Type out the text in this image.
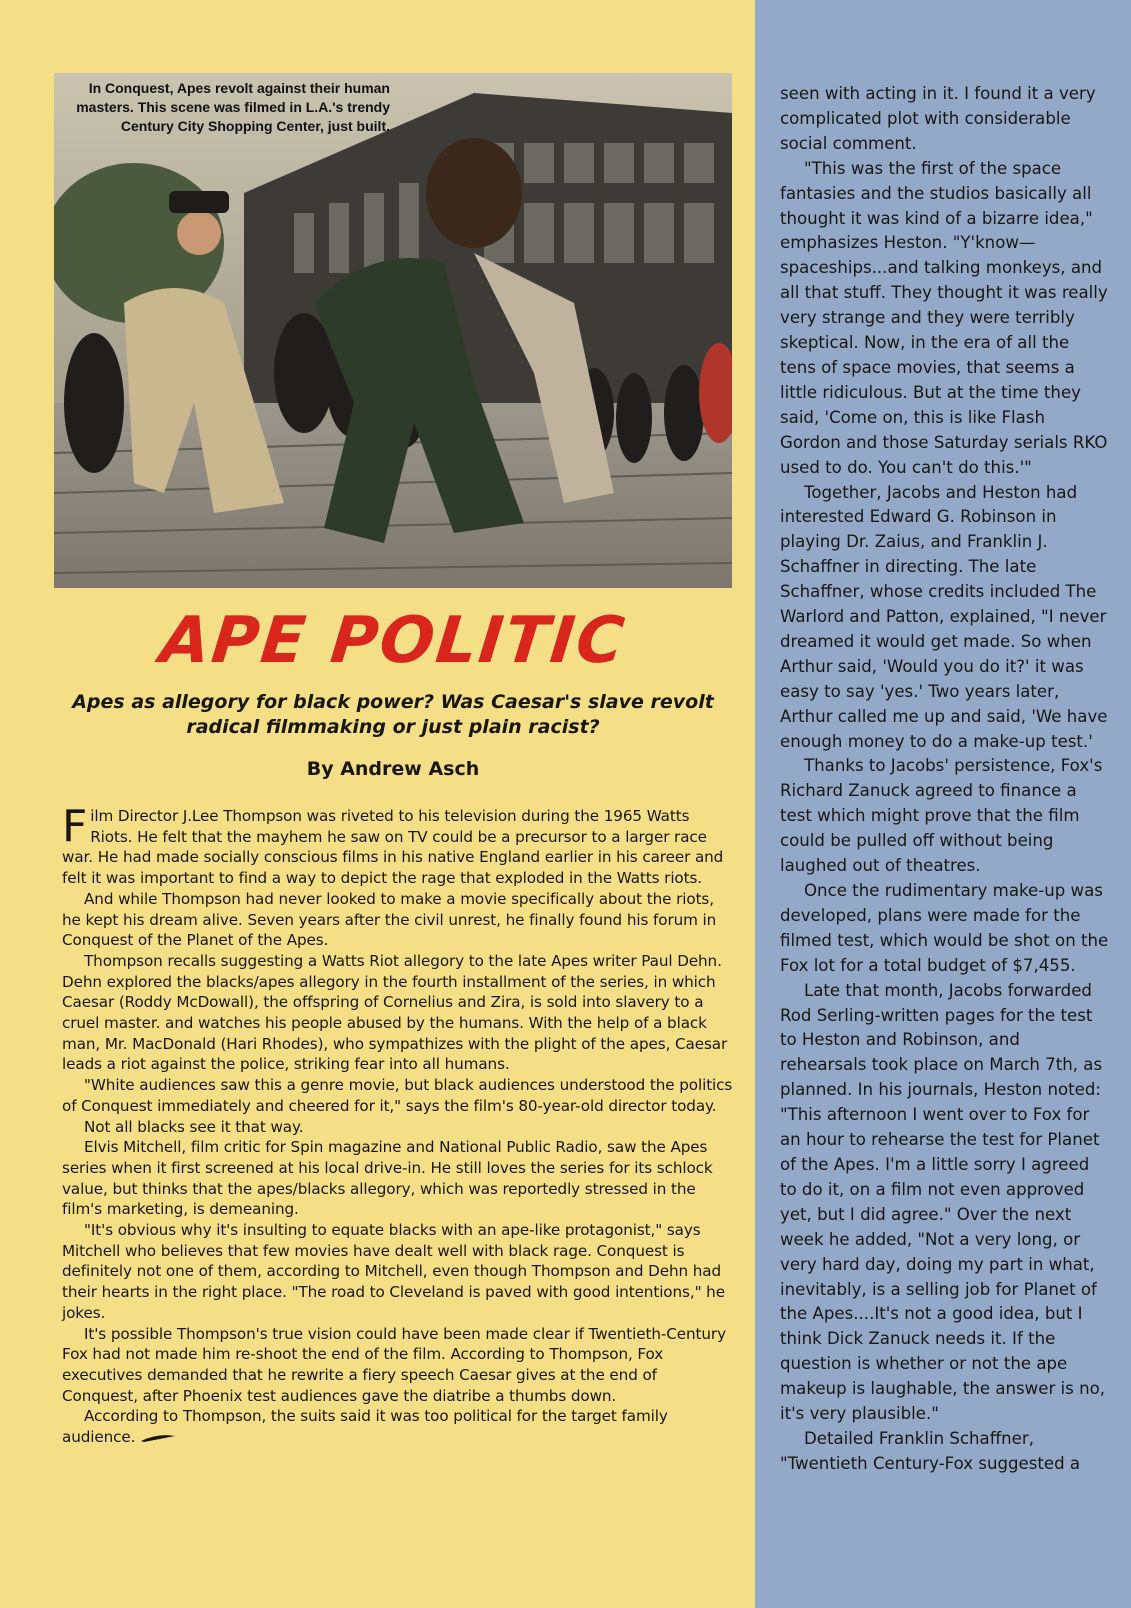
In Conquest, Apes revolt against their human masters. This scene was filmed in L.A.'s trendy Century City Shopping Center, just built.

APE POLITIC
Apes as allegory for black power? Was Caesar's slave revolt radical filmmaking or just plain racist?
By Andrew Asch

Film Director J.Lee Thompson was riveted to his television during the 1965 Watts Riots. He felt that the mayhem he saw on TV could be a precursor to a larger race war. He had made socially conscious films in his native England earlier in his career and felt it was important to find a way to depict the rage that exploded in the Watts riots.

And while Thompson had never looked to make a movie specifically about the riots, he kept his dream alive. Seven years after the civil unrest, he finally found his forum in Conquest of the Planet of the Apes.

Thompson recalls suggesting a Watts Riot allegory to the late Apes writer Paul Dehn. Dehn explored the blacks/apes allegory in the fourth installment of the series, in which Caesar (Roddy McDowall), the offspring of Cornelius and Zira, is sold into slavery to a cruel master. and watches his people abused by the humans. With the help of a black man, Mr. MacDonald (Hari Rhodes), who sympathizes with the plight of the apes, Caesar leads a riot against the police, striking fear into all humans.

"White audiences saw this a genre movie, but black audiences understood the politics of Conquest immediately and cheered for it," says the film's 80-year-old director today.

Not all blacks see it that way.

Elvis Mitchell, film critic for Spin magazine and National Public Radio, saw the Apes series when it first screened at his local drive-in. He still loves the series for its schlock value, but thinks that the apes/blacks allegory, which was reportedly stressed in the film's marketing, is demeaning.

"It's obvious why it's insulting to equate blacks with an ape-like protagonist," says Mitchell who believes that few movies have dealt well with black rage. Conquest is definitely not one of them, according to Mitchell, even though Thompson and Dehn had their hearts in the right place. "The road to Cleveland is paved with good intentions," he jokes.

It's possible Thompson's true vision could have been made clear if Twentieth-Century Fox had not made him re-shoot the end of the film. According to Thompson, Fox executives demanded that he rewrite a fiery speech Caesar gives at the end of Conquest, after Phoenix test audiences gave the diatribe a thumbs down.

According to Thompson, the suits said it was too political for the target family audience.

seen with acting in it. I found it a very complicated plot with considerable social comment.

"This was the first of the space fantasies and the studios basically all thought it was kind of a bizarre idea," emphasizes Heston. "Y'know—spaceships...and talking monkeys, and all that stuff. They thought it was really very strange and they were terribly skeptical. Now, in the era of all the tens of space movies, that seems a little ridiculous. But at the time they said, 'Come on, this is like Flash Gordon and those Saturday serials RKO used to do. You can't do this.'"

Together, Jacobs and Heston had interested Edward G. Robinson in playing Dr. Zaius, and Franklin J. Schaffner in directing. The late Schaffner, whose credits included The Warlord and Patton, explained, "I never dreamed it would get made. So when Arthur said, 'Would you do it?' it was easy to say 'yes.' Two years later, Arthur called me up and said, 'We have enough money to do a make-up test.'

Thanks to Jacobs' persistence, Fox's Richard Zanuck agreed to finance a test which might prove that the film could be pulled off without being laughed out of theatres.

Once the rudimentary make-up was developed, plans were made for the filmed test, which would be shot on the Fox lot for a total budget of $7,455.

Late that month, Jacobs forwarded Rod Serling-written pages for the test to Heston and Robinson, and rehearsals took place on March 7th, as planned. In his journals, Heston noted: "This afternoon I went over to Fox for an hour to rehearse the test for Planet of the Apes. I'm a little sorry I agreed to do it, on a film not even approved yet, but I did agree." Over the next week he added, "Not a very long, or very hard day, doing my part in what, inevitably, is a selling job for Planet of the Apes....It's not a good idea, but I think Dick Zanuck needs it. If the question is whether or not the ape makeup is laughable, the answer is no, it's very plausible."

Detailed Franklin Schaffner, "Twentieth Century-Fox suggested a
